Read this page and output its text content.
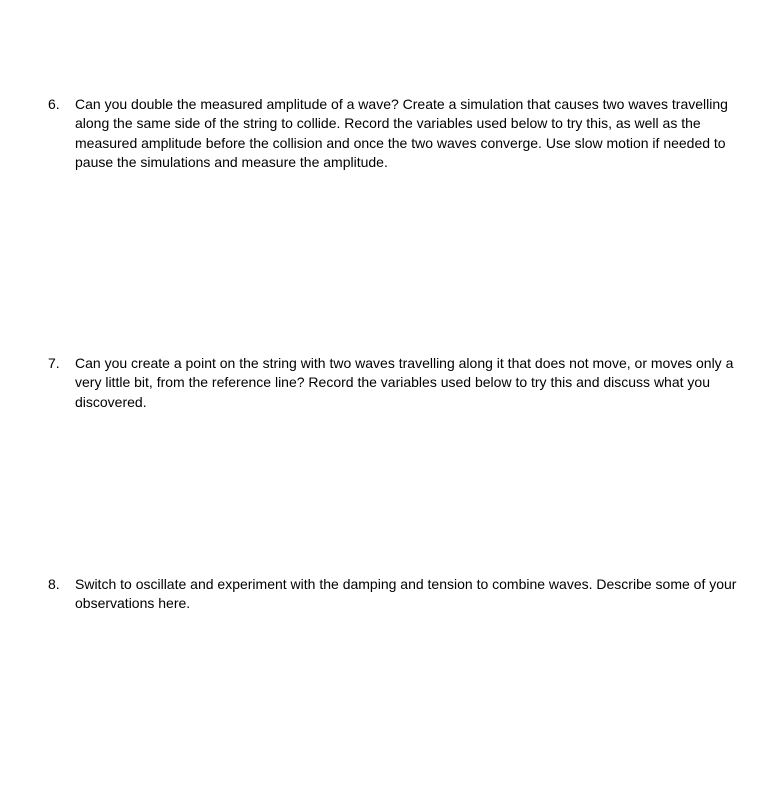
6. Can you double the measured amplitude of a wave? Create a simulation that causes two waves travelling along the same side of the string to collide. Record the variables used below to try this, as well as the measured amplitude before the collision and once the two waves converge. Use slow motion if needed to pause the simulations and measure the amplitude.

7. Can you create a point on the string with two waves travelling along it that does not move, or moves only a very little bit, from the reference line? Record the variables used below to try this and discuss what you discovered.

8. Switch to oscillate and experiment with the damping and tension to combine waves. Describe some of your observations here.
